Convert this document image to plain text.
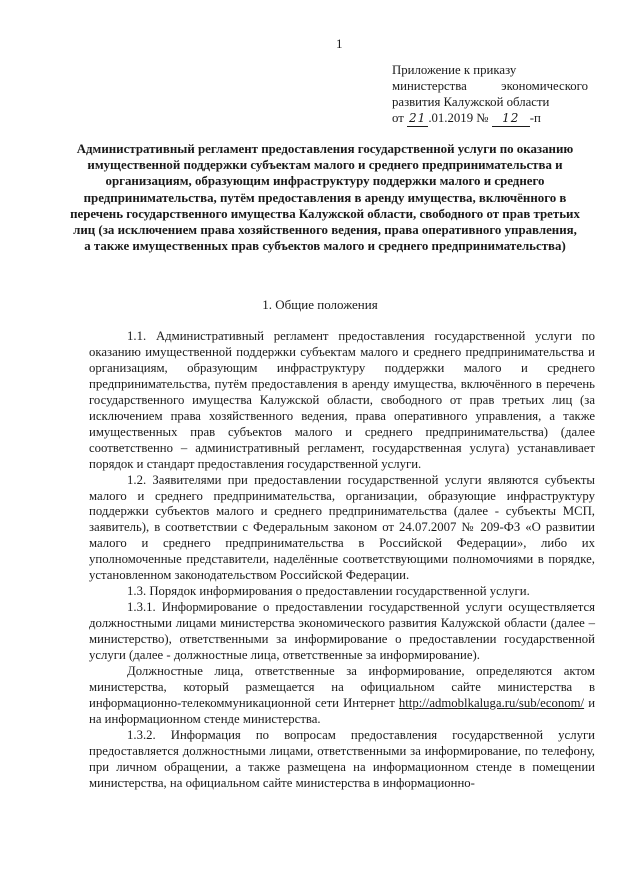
1
Приложение к приказу
министерства экономического
развития Калужской области
от 21 .01.2019 № 12 -п
Административный регламент предоставления государственной услуги по оказанию имущественной поддержки субъектам малого и среднего предпринимательства и организациям, образующим инфраструктуру поддержки малого и среднего предпринимательства, путём предоставления в аренду имущества, включённого в перечень государственного имущества Калужской области, свободного от прав третьих лиц (за исключением права хозяйственного ведения, права оперативного управления, а также имущественных прав субъектов малого и среднего предпринимательства)
1. Общие положения

1.1. Административный регламент предоставления государственной услуги по оказанию имущественной поддержки субъектам малого и среднего предпринимательства и организациям, образующим инфраструктуру поддержки малого и среднего предпринимательства, путём предоставления в аренду имущества, включённого в перечень государственного имущества Калужской области, свободного от прав третьих лиц (за исключением права хозяйственного ведения, права оперативного управления, а также имущественных прав субъектов малого и среднего предпринимательства) (далее соответственно – административный регламент, государственная услуга) устанавливает порядок и стандарт предоставления государственной услуги.

1.2. Заявителями при предоставлении государственной услуги являются субъекты малого и среднего предпринимательства, организации, образующие инфраструктуру поддержки субъектов малого и среднего предпринимательства (далее - субъекты МСП, заявитель), в соответствии с Федеральным законом от 24.07.2007 № 209-ФЗ «О развитии малого и среднего предпринимательства в Российской Федерации», либо их уполномоченные представители, наделённые соответствующими полномочиями в порядке, установленном законодательством Российской Федерации.

1.3. Порядок информирования о предоставлении государственной услуги.

1.3.1. Информирование о предоставлении государственной услуги осуществляется должностными лицами министерства экономического развития Калужской области (далее – министерство), ответственными за информирование о предоставлении государственной услуги (далее - должностные лица, ответственные за информирование).

Должностные лица, ответственные за информирование, определяются актом министерства, который размещается на официальном сайте министерства в информационно-телекоммуникационной сети Интернет http://admoblkaluga.ru/sub/econom/ и на информационном стенде министерства.

1.3.2. Информация по вопросам предоставления государственной услуги предоставляется должностными лицами, ответственными за информирование, по телефону, при личном обращении, а также размещена на информационном стенде в помещении министерства, на официальном сайте министерства в информационно-
